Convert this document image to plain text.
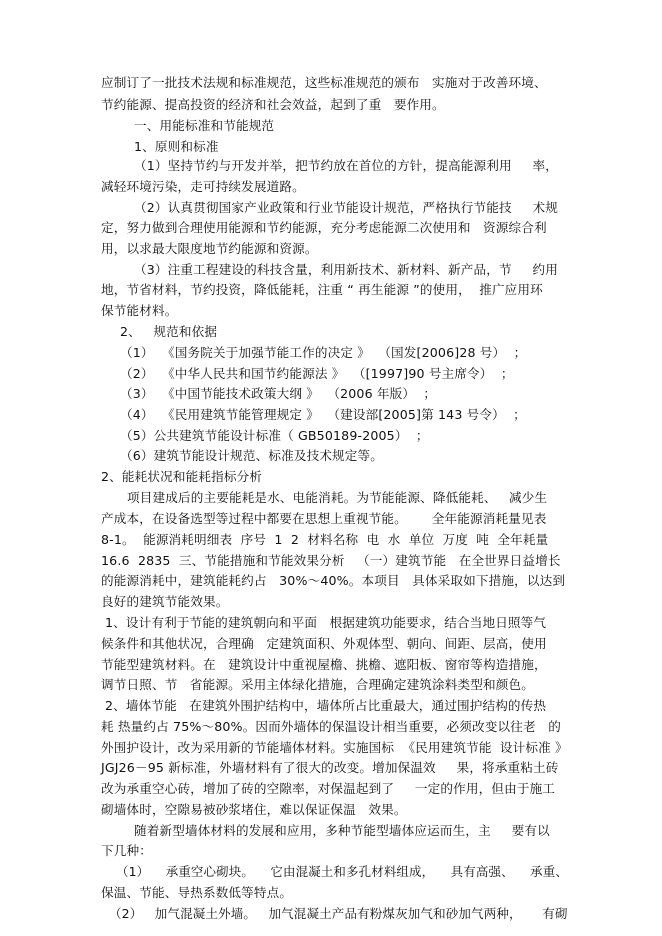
应制订了一批技术法规和标准规范，这些标准规范的颁布   实施对于改善环境、
节约能源、提高投资的经济和社会效益，起到了重   要作用。
一、用能标准和节能规范
1、原则和标准
（1）坚持节约与开发并举，把节约放在首位的方针，提高能源利用     率，
减轻环境污染，走可持续发展道路。
（2）认真贯彻国家产业政策和行业节能设计规范，严格执行节能技     术规
定，努力做到合理使用能源和节约能源，充分考虑能源二次使用和   资源综合利
用，以求最大限度地节约能源和资源。
（3）注重工程建设的科技含量，利用新技术、新材料、新产品，节     约用
地，节省材料，节约投资，降低能耗，注重 “ 再生能源 ”的使用，  推广应用环
保节能材料。
2、   规范和依据
（1）  《国务院关于加强节能工作的决定 》  （国发[2006]28 号）  ；
（2）  《中华人民共和国节约能源法 》  （[1997]90 号主席令）  ；
（3）  《中国节能技术政策大纲 》  （2006 年版）  ；
（4）  《民用建筑节能管理规定 》  （建设部[2005]第 143 号令）  ；
（5）公共建筑节能设计标准（ GB50189-2005）  ；
（6）建筑节能设计规范、标准及技术规定等。
2、能耗状况和能耗指标分析
项目建成后的主要能耗是水、电能消耗。为节能能源、降低能耗、   减少生
产成本，在设备选型等过程中都要在思想上重视节能。      全年能源消耗量见表
8-1。  能源消耗明细表  序号  1  2  材料名称  电  水  单位  万度  吨  全年耗量
16.6  2835  三、节能措施和节能效果分析   （一）建筑节能   在全世界日益增长
的能源消耗中，建筑能耗约占   30%～40%。本项目   具体采取如下措施，以达到
良好的建筑节能效果。
1、设计有利于节能的建筑朝向和平面   根据建筑功能要求，结合当地日照等气
候条件和其他状况，合理确   定建筑面积、外观体型、朝向、间距、层高，使用
节能型建筑材料。在   建筑设计中重视屋檐、挑檐、遮阳板、窗帘等构造措施，
调节日照、节   省能源。采用主体绿化措施，合理确定建筑涂料类型和颜色。
2、墙体节能   在建筑外围护结构中，墙体所占比重最大，通过围护结构的传热
耗 热量约占 75%～80%。因而外墙体的保温设计相当重要，必须改变以往老   的
外围护设计，改为采用新的节能墙体材料。实施国标  《民用建筑节能  设计标准 》
JGJ26－95 新标准，外墙材料有了很大的改变。增加保温效     果，将承重粘土砖
改为承重空心砖，增加了砖的空隙率，对保温起到了     一定的作用，但由于施工
砌墙体时，空隙易被砂浆堵住，难以保证保温   效果。
随着新型墙体材料的发展和应用，多种节能型墙体应运而生，主     要有以
下几种：
（1）    承重空心砌块。    它由混凝土和多孔材料组成，    具有高强、    承重、
保温、节能、导热系数低等特点。
（2）   加气混凝土外墙。   加气混凝土产品有粉煤灰加气和砂加气两种，     有砌
